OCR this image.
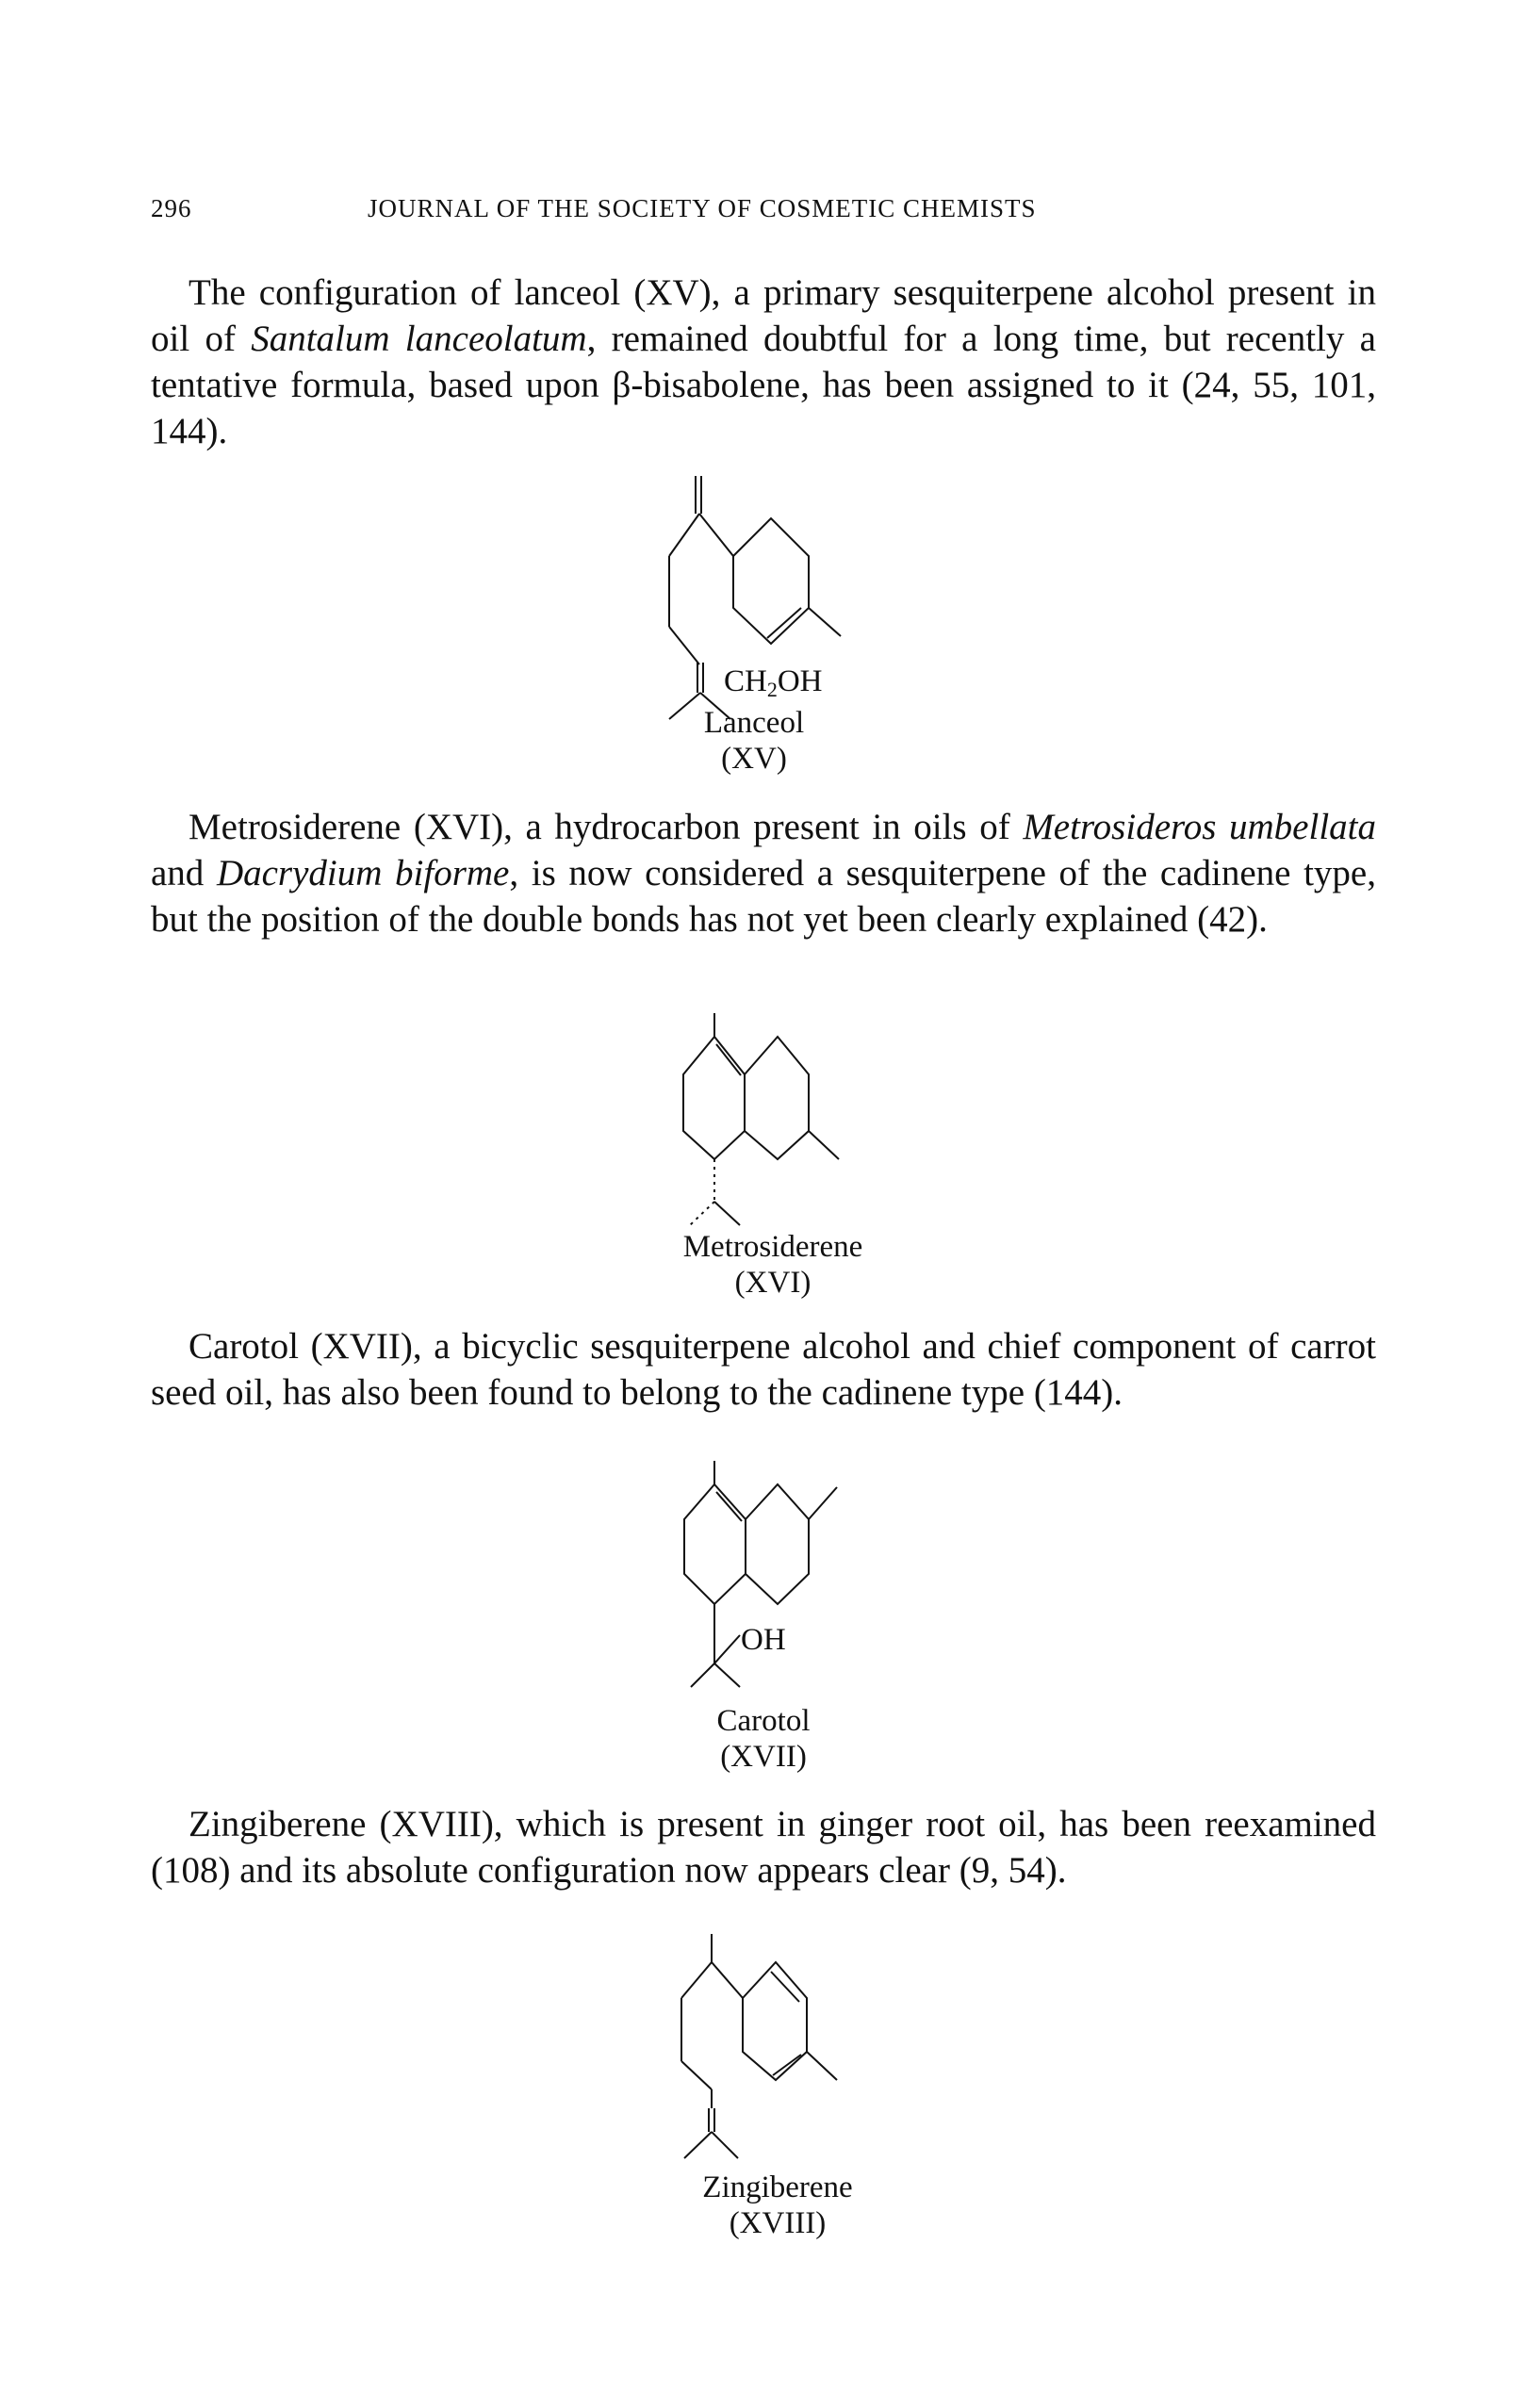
296	JOURNAL OF THE SOCIETY OF COSMETIC CHEMISTS

The configuration of lanceol (XV), a primary sesquiterpene alcohol present in oil of Santalum lanceolatum, remained doubtful for a long time, but recently a tentative formula, based upon β-bisabolene, has been assigned to it (24, 55, 101, 144).

$CH_2OH$
Lanceol
(XV)

Metrosiderene (XVI), a hydrocarbon present in oils of Metrosideros umbellata and Dacrydium biforme, is now considered a sesquiterpene of the cadinene type, but the position of the double bonds has not yet been clearly explained (42).

Metrosiderene
(XVI)

Carotol (XVII), a bicyclic sesquiterpene alcohol and chief component of carrot seed oil, has also been found to belong to the cadinene type (144).

OH
Carotol
(XVII)

Zingiberene (XVIII), which is present in ginger root oil, has been reexamined (108) and its absolute configuration now appears clear (9, 54).

Zingiberene
(XVIII)
